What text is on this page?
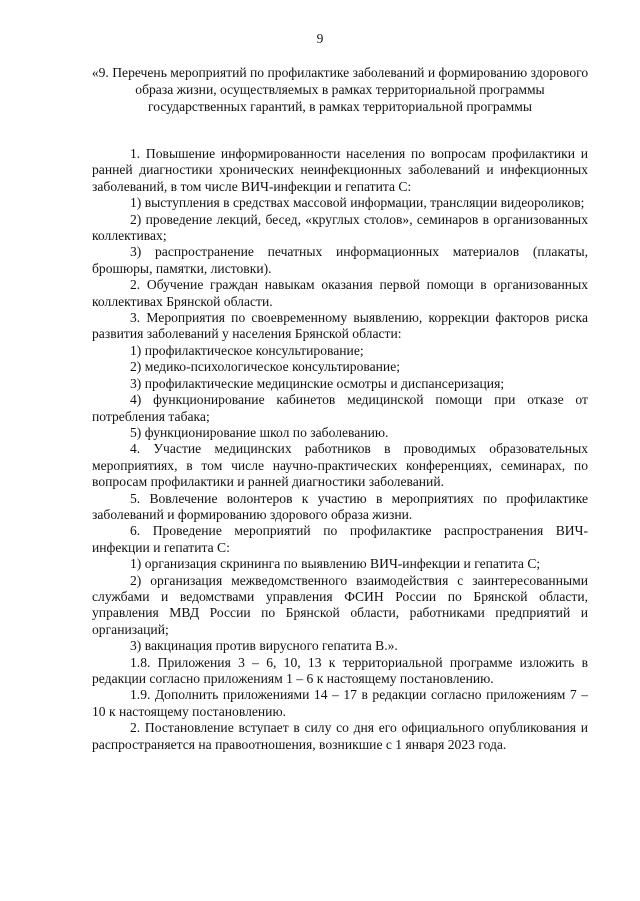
9
«9. Перечень мероприятий по профилактике заболеваний и формированию здорового образа жизни, осуществляемых в рамках территориальной программы государственных гарантий, в рамках территориальной программы

1. Повышение информированности населения по вопросам профилактики и ранней диагностики хронических неинфекционных заболеваний и инфекционных заболеваний, в том числе ВИЧ-инфекции и гепатита С:

1) выступления в средствах массовой информации, трансляции видеороликов;

2) проведение лекций, бесед, «круглых столов», семинаров в организованных коллективах;

3) распространение печатных информационных материалов (плакаты, брошюры, памятки, листовки).

2. Обучение граждан навыкам оказания первой помощи в организованных коллективах Брянской области.

3. Мероприятия по своевременному выявлению, коррекции факторов риска развития заболеваний у населения Брянской области:

1) профилактическое консультирование;

2) медико-психологическое консультирование;

3) профилактические медицинские осмотры и диспансеризация;

4) функционирование кабинетов медицинской помощи при отказе от потребления табака;

5) функционирование школ по заболеванию.

4. Участие медицинских работников в проводимых образовательных мероприятиях, в том числе научно-практических конференциях, семинарах, по вопросам профилактики и ранней диагностики заболеваний.

5. Вовлечение волонтеров к участию в мероприятиях по профилактике заболеваний и формированию здорового образа жизни.

6. Проведение мероприятий по профилактике распространения ВИЧ-инфекции и гепатита С:

1) организация скрининга по выявлению ВИЧ-инфекции и гепатита С;

2) организация межведомственного взаимодействия с заинтересованными службами и ведомствами управления ФСИН России по Брянской области, управления МВД России по Брянской области, работниками предприятий и организаций;

3) вакцинация против вирусного гепатита В.».

1.8. Приложения 3 – 6, 10, 13 к территориальной программе изложить в редакции согласно приложениям 1 – 6 к настоящему постановлению.

1.9. Дополнить приложениями 14 – 17 в редакции согласно приложениям 7 – 10 к настоящему постановлению.

2. Постановление вступает в силу со дня его официального опубликования и распространяется на правоотношения, возникшие с 1 января 2023 года.
